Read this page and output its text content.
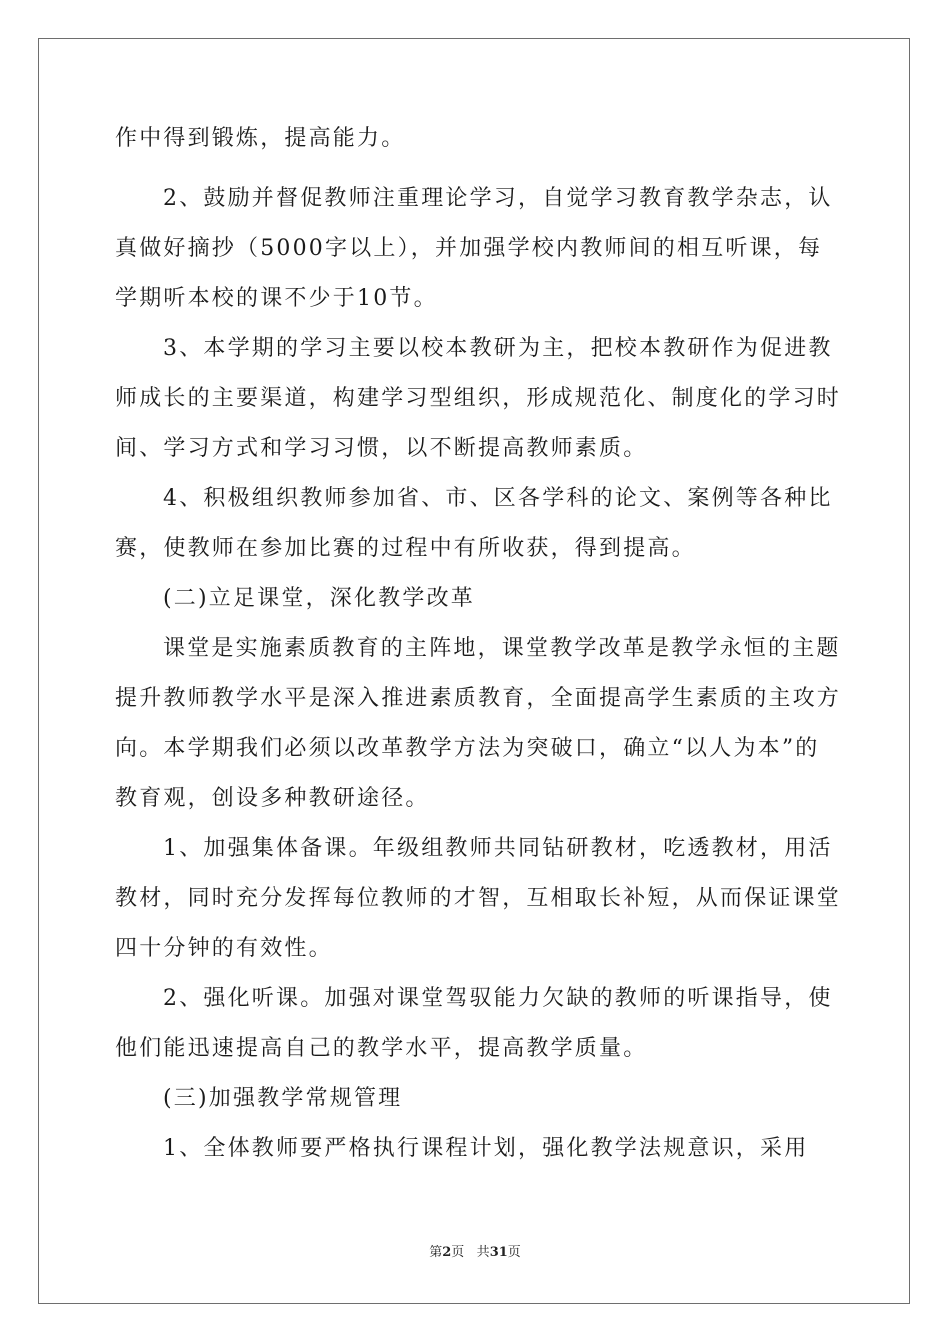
作中得到锻炼，提高能力。
2、鼓励并督促教师注重理论学习，自觉学习教育教学杂志，认
真做好摘抄（5000字以上），并加强学校内教师间的相互听课，每
学期听本校的课不少于10节。
3、本学期的学习主要以校本教研为主，把校本教研作为促进教
师成长的主要渠道，构建学习型组织，形成规范化、制度化的学习时
间、学习方式和学习习惯，以不断提高教师素质。
4、积极组织教师参加省、市、区各学科的论文、案例等各种比
赛，使教师在参加比赛的过程中有所收获，得到提高。
(二)立足课堂，深化教学改革
课堂是实施素质教育的主阵地，课堂教学改革是教学永恒的主题
提升教师教学水平是深入推进素质教育，全面提高学生素质的主攻方
向。本学期我们必须以改革教学方法为突破口，确立“以人为本”的
教育观，创设多种教研途径。
1、加强集体备课。年级组教师共同钻研教材，吃透教材，用活
教材，同时充分发挥每位教师的才智，互相取长补短，从而保证课堂
四十分钟的有效性。
2、强化听课。加强对课堂驾驭能力欠缺的教师的听课指导，使
他们能迅速提高自己的教学水平，提高教学质量。
(三)加强教学常规管理
1、全体教师要严格执行课程计划，强化教学法规意识，采用
第2页 共31页
